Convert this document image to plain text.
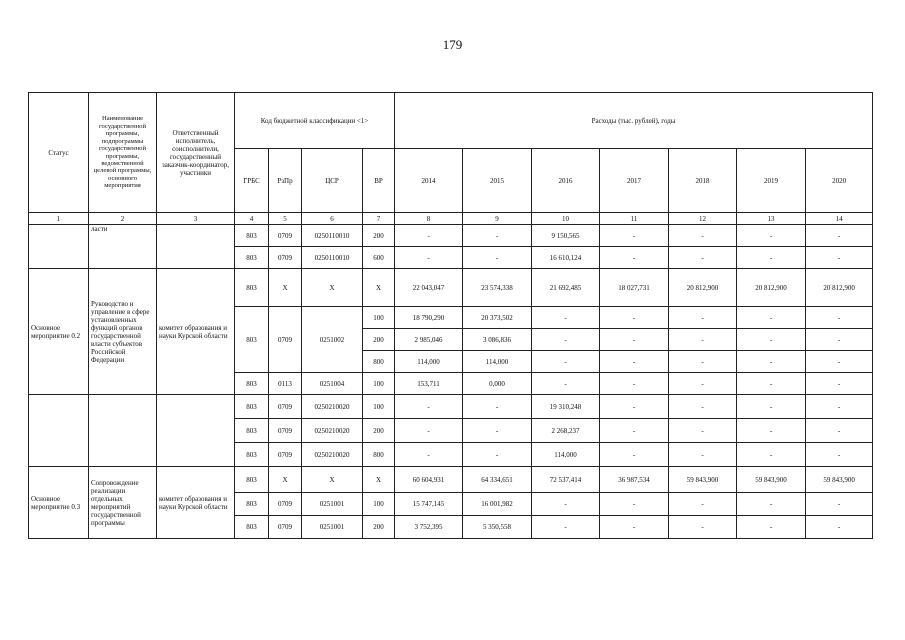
179
Статус	Наименование государственной программы, подпрограммы государственной программы, ведомственной целевой программы, основного мероприятия	Ответственный исполнитель, соисполнители, государственный заказчик-координатор, участники	Код бюджетной классификации <1>				Расходы (тыс. рублей), годы						
			ГРБС	РзПр	ЦСР	ВР	2014	2015	2016	2017	2018	2019	2020
1	2	3	4	5	6	7	8	9	10	11	12	13	14
	ласти		803	0709	0250110010	200	-	-	9 150,565	-	-	-	-
			803	0709	0250110010	600	-	-	16 610,124	-	-	-	-
Основное мероприятие 0.2	Руководство и управление в сфере установленных функций органов государственной власти субъектов Российской Федерации	комитет образования и науки Курской области	803	X	X	X	22 043,047	23 574,338	21 692,485	18 027,731	20 812,900	20 812,900	20 812,900
			803	0709	0251002	100	18 790,290	20 373,502	-	-	-	-	-
						200	2 985,046	3 086,836	-	-	-	-	-
						800	114,000	114,000	-	-	-	-	-
			803	0113	0251004	100	153,711	0,000	-	-	-	-	-
			803	0709	0250210020	100	-	-	19 310,248	-	-	-	-
			803	0709	0250210020	200	-	-	2 268,237	-	-	-	-
			803	0709	0250210020	800	-	-	114,000	-	-	-	-
Основное мероприятие 0.3	Сопровождение реализации отдельных мероприятий государственной программы	комитет образования и науки Курской области	803	X	X	X	60 604,931	64 334,651	72 537,414	36 987,534	59 843,900	59 843,900	59 843,900
			803	0709	0251001	100	15 747,145	16 001,982	-	-	-	-	-
			803	0709	0251001	200	3 752,395	5 350,558	-	-	-	-	-
